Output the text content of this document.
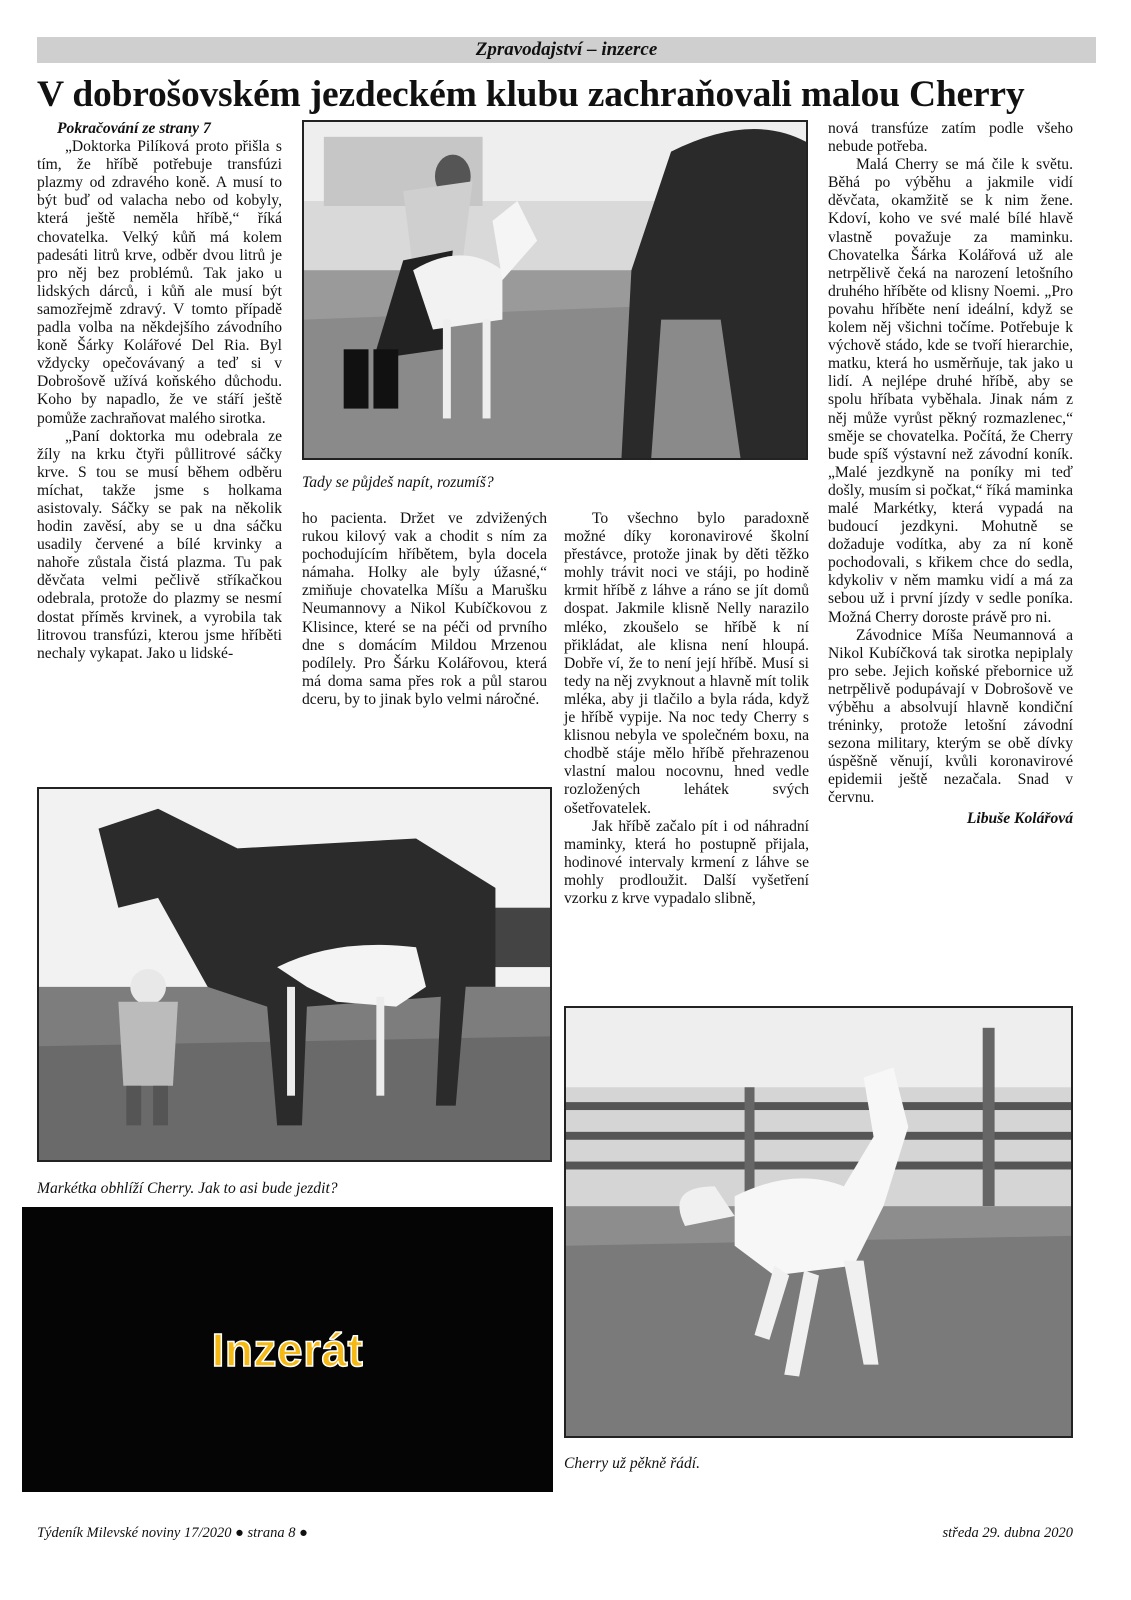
Zpravodajství – inzerce
V dobrošovském jezdeckém klubu zachraňovali malou Cherry

Pokračování ze strany 7

„Doktorka Pilíková proto přišla s tím, že hříbě potřebuje transfúzi plazmy od zdravého koně. A musí to být buď od valacha nebo od kobyly, která ještě neměla hříbě,“ říká chovatelka. Velký kůň má kolem padesáti litrů krve, odběr dvou litrů je pro něj bez problémů. Tak jako u lidských dárců, i kůň ale musí být samozřejmě zdravý. V tomto případě padla volba na někdejšího závodního koně Šárky Kolářové Del Ria. Byl vždycky opečovávaný a teď si v Dobrošově užívá koňského důchodu. Koho by napadlo, že ve stáří ještě pomůže zachraňovat malého sirotka.

„Paní doktorka mu odebrala ze žíly na krku čtyři půllitrové sáčky krve. S tou se musí během odběru míchat, takže jsme s holkama asistovaly. Sáčky se pak na několik hodin zavěsí, aby se u dna sáčku usadily červené a bílé krvinky a nahoře zůstala čistá plazma. Tu pak děvčata velmi pečlivě stříkačkou odebrala, protože do plazmy se nesmí dostat příměs krvinek, a vyrobila tak litrovou transfúzi, kterou jsme hříběti nechaly vykapat. Jako u lidské-

Tady se půjdeš napít, rozumíš?

ho pacienta. Držet ve zdvižených rukou kilový vak a chodit s ním za pochodujícím hříbětem, byla docela námaha. Holky ale byly úžasné,“ zmiňuje chovatelka Míšu a Marušku Neumannovy a Nikol Kubíčkovou z Klisince, které se na péči od prvního dne s domácím Mildou Mrzenou podílely. Pro Šárku Kolářovou, která má doma sama přes rok a půl starou dceru, by to jinak bylo velmi náročné.

To všechno bylo paradoxně možné díky koronavirové školní přestávce, protože jinak by děti těžko mohly trávit noci ve stáji, po hodině krmit hříbě z láhve a ráno se jít domů dospat. Jakmile klisně Nelly narazilo mléko, zkoušelo se hříbě k ní přikládat, ale klisna není hloupá. Dobře ví, že to není její hříbě. Musí si tedy na něj zvyknout a hlavně mít tolik mléka, aby ji tlačilo a byla ráda, když je hříbě vypije. Na noc tedy Cherry s klisnou nebyla ve společném boxu, na chodbě stáje mělo hříbě přehrazenou vlastní malou nocovnu, hned vedle rozložených lehátek svých ošetřovatelek.

Jak hříbě začalo pít i od náhradní maminky, která ho postupně přijala, hodinové intervaly krmení z láhve se mohly prodloužit. Další vyšetření vzorku z krve vypadalo slibně,

nová transfúze zatím podle všeho nebude potřeba.

Malá Cherry se má čile k světu. Běhá po výběhu a jakmile vidí děvčata, okamžitě se k nim žene. Kdoví, koho ve své malé bílé hlavě vlastně považuje za maminku. Chovatelka Šárka Kolářová už ale netrpělivě čeká na narození letošního druhého hříběte od klisny Noemi. „Pro povahu hříběte není ideální, když se kolem něj všichni točíme. Potřebuje k výchově stádo, kde se tvoří hierarchie, matku, která ho usměrňuje, tak jako u lidí. A nejlépe druhé hříbě, aby se spolu hříbata vyběhala. Jinak nám z něj může vyrůst pěkný rozmazlenec,“ směje se chovatelka. Počítá, že Cherry bude spíš výstavní než závodní koník. „Malé jezdkyně na poníky mi teď došly, musím si počkat,“ říká maminka malé Markétky, která vypadá na budoucí jezdkyni. Mohutně se dožaduje vodítka, aby za ní koně pochodovali, s křikem chce do sedla, kdykoliv v něm mamku vidí a má za sebou už i první jízdy v sedle poníka. Možná Cherry doroste právě pro ni.

Závodnice Míša Neumannová a Nikol Kubíčková tak sirotka nepiplaly pro sebe. Jejich koňské přebornice už netrpělivě podupávají v Dobrošově ve výběhu a absolvují hlavně kondiční tréninky, protože letošní závodní sezona military, kterým se obě dívky úspěšně věnují, kvůli koronavirové epidemii ještě nezačala. Snad v červnu.

Libuše Kolářová

Markétka obhlíží Cherry. Jak to asi bude jezdit?
Inzerát
Cherry už pěkně řádí.
Týdeník Milevské noviny 17/2020 ● strana 8 ●	středa 29. dubna 2020
